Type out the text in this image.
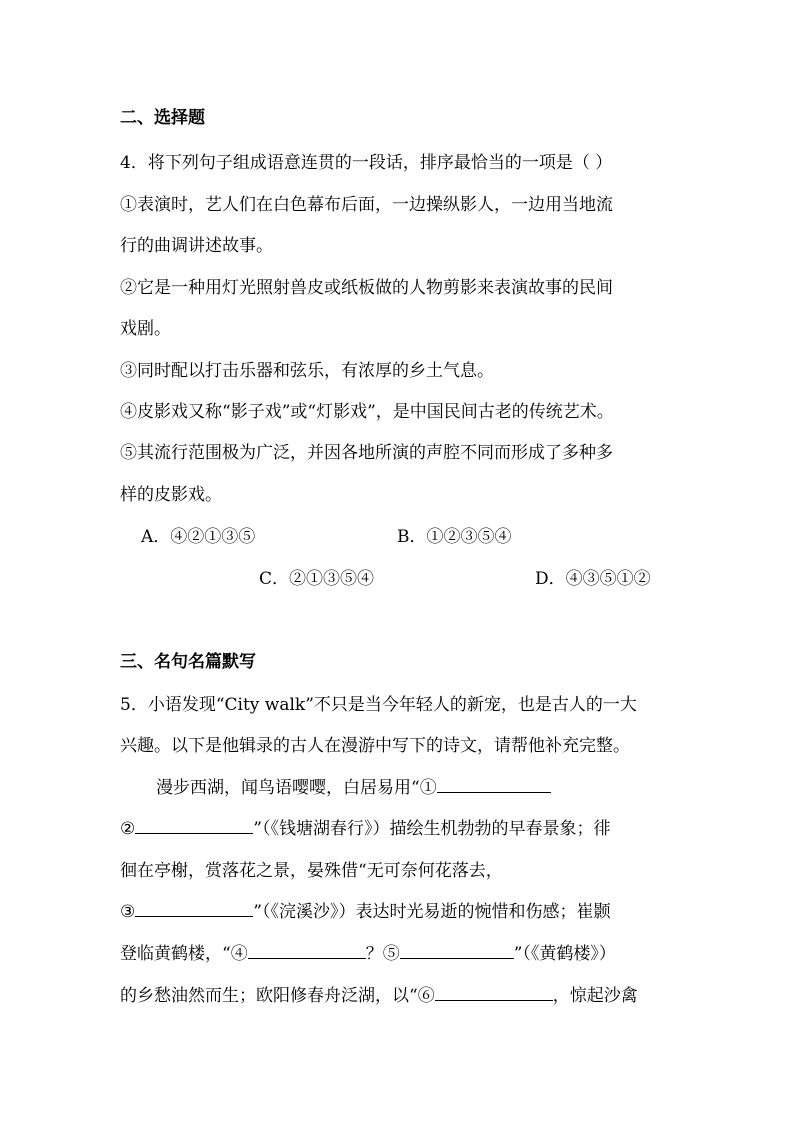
二、选择题
4．将下列句子组成语意连贯的一段话，排序最恰当的一项是（ ）
①表演时，艺人们在白色幕布后面，一边操纵影人，一边用当地流
行的曲调讲述故事。
②它是一种用灯光照射兽皮或纸板做的人物剪影来表演故事的民间
戏剧。
③同时配以打击乐器和弦乐，有浓厚的乡土气息。
④皮影戏又称“影子戏”或“灯影戏”，是中国民间古老的传统艺术。
⑤其流行范围极为广泛，并因各地所演的声腔不同而形成了多种多
样的皮影戏。
A．④②①③⑤	B．①②③⑤④
C．②①③⑤④	D．④③⑤①②
三、名句名篇默写
5．小语发现“City walk”不只是当今年轻人的新宠，也是古人的一大
兴趣。以下是他辑录的古人在漫游中写下的诗文，请帮他补充完整。
漫步西湖，闻鸟语嘤嘤，白居易用“①
②	”（《钱塘湖春行》）描绘生机勃勃的早春景象；徘
徊在亭榭，赏落花之景，晏殊借“无可奈何花落去，
③	”（《浣溪沙》）表达时光易逝的惋惜和伤感；崔颢
登临黄鹤楼，“④	？⑤	”（《黄鹤楼》）
的乡愁油然而生；欧阳修春舟泛湖，以“⑥	，惊起沙禽
